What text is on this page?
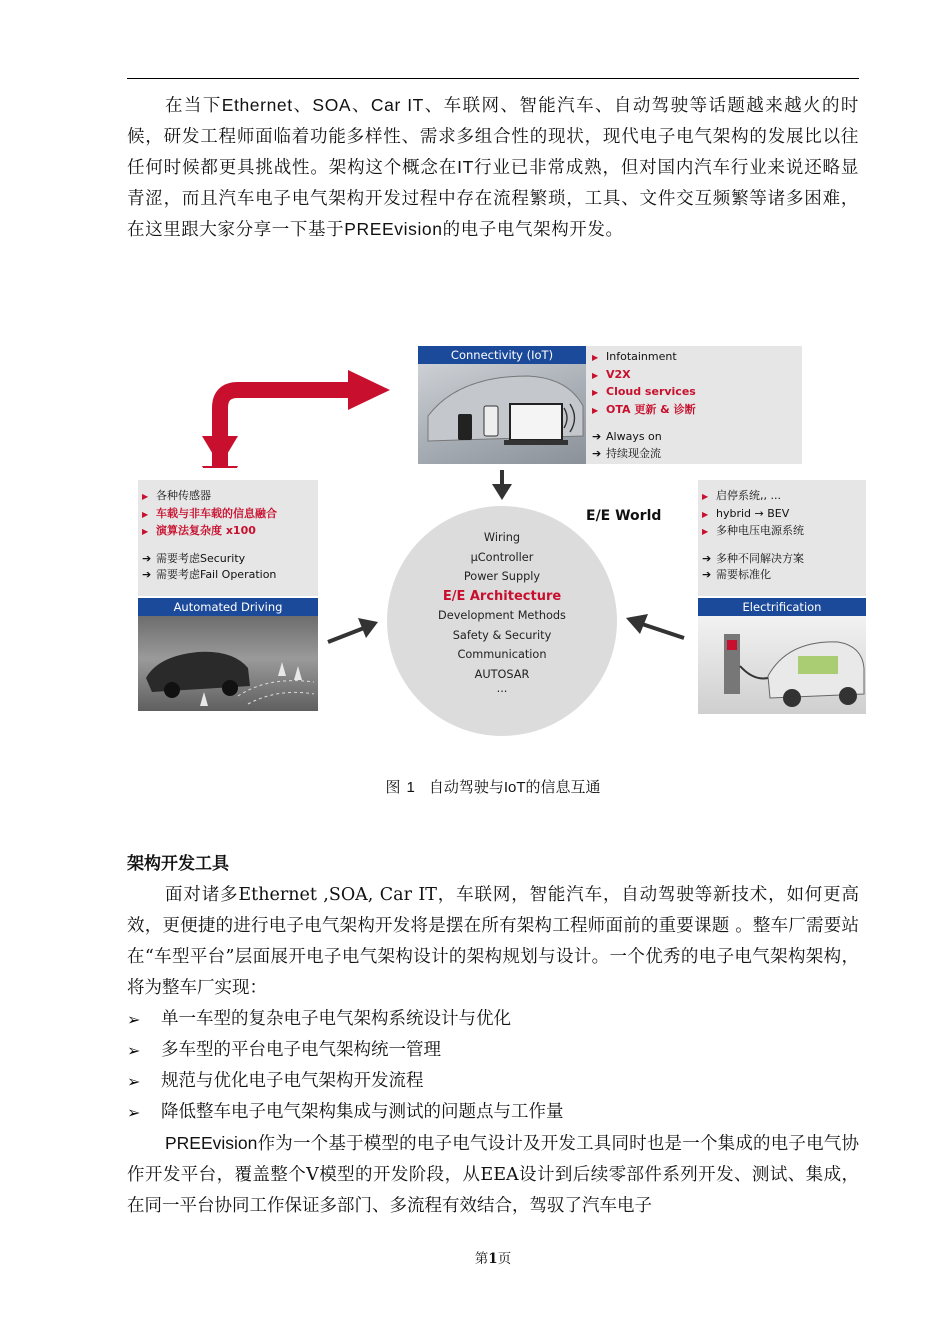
在当下Ethernet、SOA、Car IT、车联网、智能汽车、自动驾驶等话题越来越火的时候，研发工程师面临着功能多样性、需求多组合性的现状，现代电子电气架构的发展比以往任何时候都更具挑战性。架构这个概念在IT行业已非常成熟，但对国内汽车行业来说还略显青涩，而且汽车电子电气架构开发过程中存在流程繁琐，工具、文件交互频繁等诸多困难，在这里跟大家分享一下基于PREEvision的电子电气架构开发。

Connectivity (IoT)	▶ Infotainment
▶ V2X
▶ Cloud services
▶ OTA 更新 & 诊断
➔ Always on
➔ 持续现金流
▶ 各种传感器
▶ 车载与非车载的信息融合
▶ 演算法复杂度 x100
➔ 需要考虑Security
➔ 需要考虑Fail Operation
Automated Driving
▶ 启停系统,, ...
▶ hybrid → BEV
▶ 多种电压电源系统
➔ 多种不同解决方案
➔ 需要标准化
Electrification
E/E World
Wiring
μController
Power Supply
E/E Architecture
Development Methods
Safety & Security
Communication
AUTOSAR
...
图 1 自动驾驶与IoT的信息互通
架构开发工具

面对诸多Ethernet ,SOA, Car IT，车联网，智能汽车，自动驾驶等新技术，如何更高效，更便捷的进行电子电气架构开发将是摆在所有架构工程师面前的重要课题 。整车厂需要站在“车型平台”层面展开电子电气架构设计的架构规划与设计。一个优秀的电子电气架构架构，将为整车厂实现：

➢ 单一车型的复杂电子电气架构系统设计与优化
➢ 多车型的平台电子电气架构统一管理
➢ 规范与优化电子电气架构开发流程
➢ 降低整车电子电气架构集成与测试的问题点与工作量

PREEvision作为一个基于模型的电子电气设计及开发工具同时也是一个集成的电子电气协作开发平台，覆盖整个V模型的开发阶段，从EEA设计到后续零部件系列开发、测试、集成，在同一平台协同工作保证多部门、多流程有效结合，驾驭了汽车电子

第1页
